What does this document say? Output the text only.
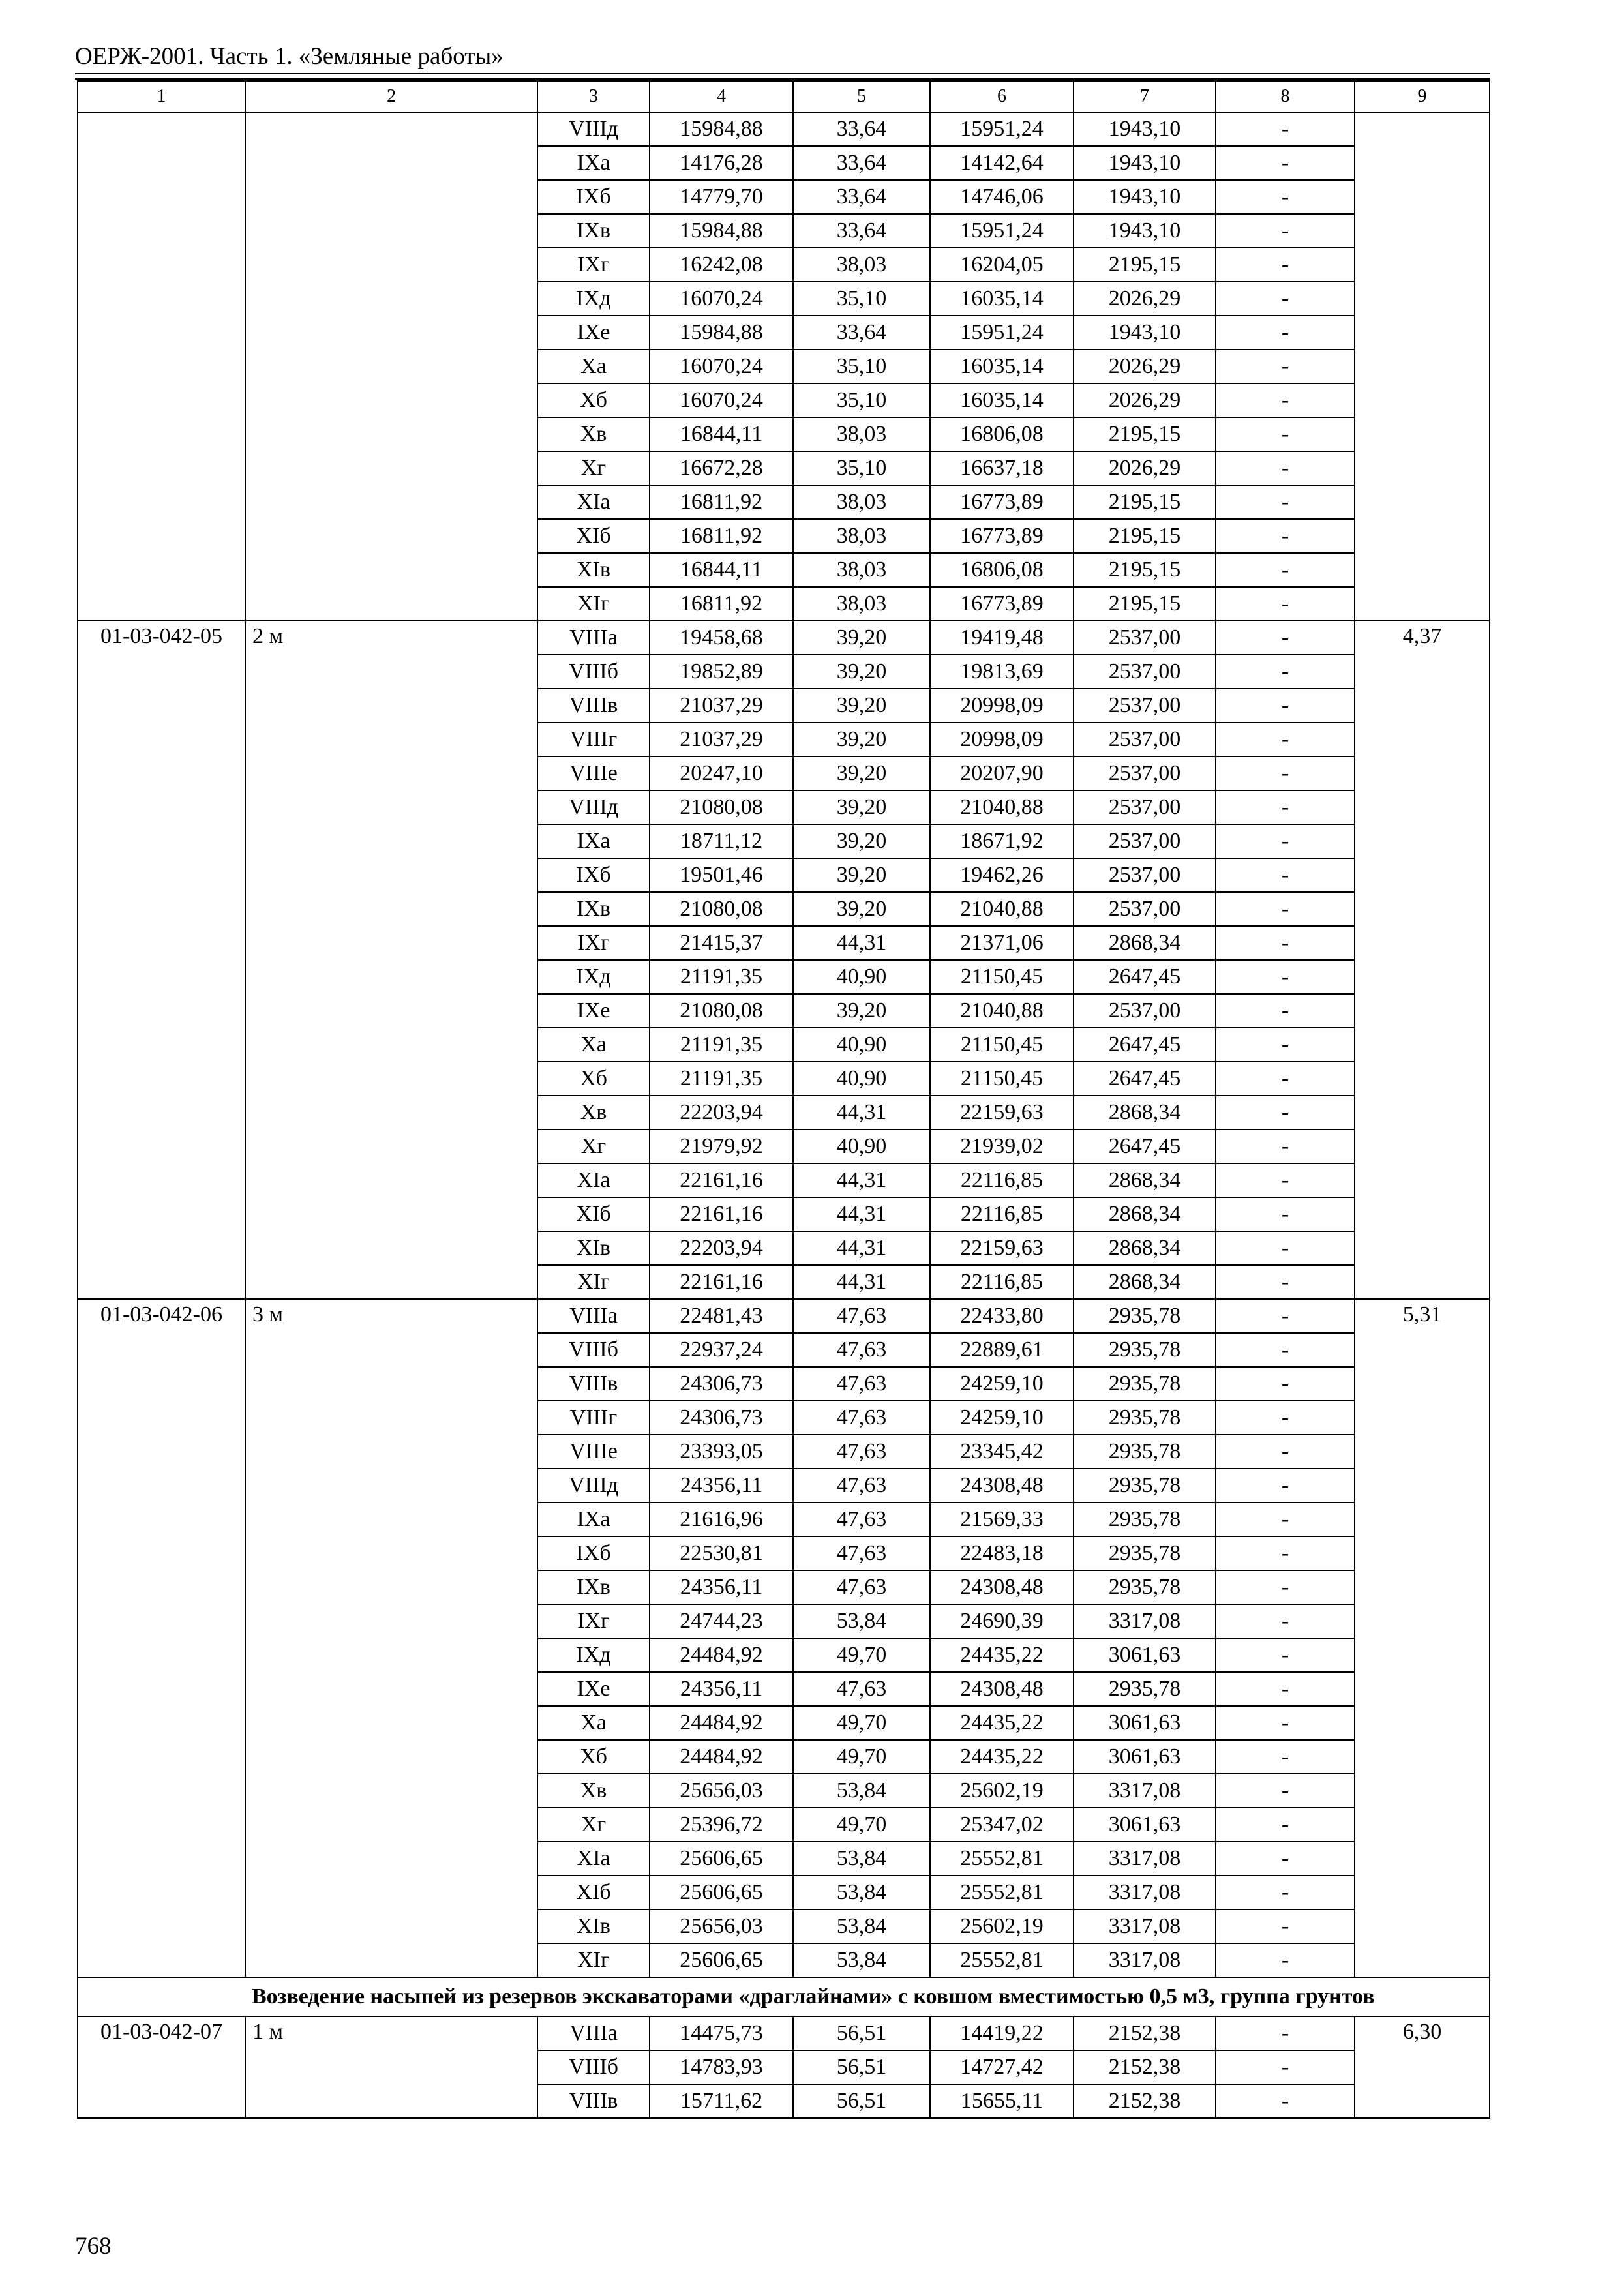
ОЕРЖ-2001. Часть 1. «Земляные работы»
1	2	3	4	5	6	7	8	9
		VIIIд	15984,88	33,64	15951,24	1943,10	-	
		IXа	14176,28	33,64	14142,64	1943,10	-	
		IXб	14779,70	33,64	14746,06	1943,10	-	
		IXв	15984,88	33,64	15951,24	1943,10	-	
		IXг	16242,08	38,03	16204,05	2195,15	-	
		IXд	16070,24	35,10	16035,14	2026,29	-	
		IXе	15984,88	33,64	15951,24	1943,10	-	
		Xа	16070,24	35,10	16035,14	2026,29	-	
		Xб	16070,24	35,10	16035,14	2026,29	-	
		Xв	16844,11	38,03	16806,08	2195,15	-	
		Xг	16672,28	35,10	16637,18	2026,29	-	
		XIа	16811,92	38,03	16773,89	2195,15	-	
		XIб	16811,92	38,03	16773,89	2195,15	-	
		XIв	16844,11	38,03	16806,08	2195,15	-	
		XIг	16811,92	38,03	16773,89	2195,15	-	
01-03-042-05	2 м	VIIIа	19458,68	39,20	19419,48	2537,00	-	4,37
		VIIIб	19852,89	39,20	19813,69	2537,00	-	
		VIIIв	21037,29	39,20	20998,09	2537,00	-	
		VIIIг	21037,29	39,20	20998,09	2537,00	-	
		VIIIе	20247,10	39,20	20207,90	2537,00	-	
		VIIIд	21080,08	39,20	21040,88	2537,00	-	
		IXа	18711,12	39,20	18671,92	2537,00	-	
		IXб	19501,46	39,20	19462,26	2537,00	-	
		IXв	21080,08	39,20	21040,88	2537,00	-	
		IXг	21415,37	44,31	21371,06	2868,34	-	
		IXд	21191,35	40,90	21150,45	2647,45	-	
		IXе	21080,08	39,20	21040,88	2537,00	-	
		Xа	21191,35	40,90	21150,45	2647,45	-	
		Xб	21191,35	40,90	21150,45	2647,45	-	
		Xв	22203,94	44,31	22159,63	2868,34	-	
		Xг	21979,92	40,90	21939,02	2647,45	-	
		XIа	22161,16	44,31	22116,85	2868,34	-	
		XIб	22161,16	44,31	22116,85	2868,34	-	
		XIв	22203,94	44,31	22159,63	2868,34	-	
		XIг	22161,16	44,31	22116,85	2868,34	-	
01-03-042-06	3 м	VIIIа	22481,43	47,63	22433,80	2935,78	-	5,31
		VIIIб	22937,24	47,63	22889,61	2935,78	-	
		VIIIв	24306,73	47,63	24259,10	2935,78	-	
		VIIIг	24306,73	47,63	24259,10	2935,78	-	
		VIIIе	23393,05	47,63	23345,42	2935,78	-	
		VIIIд	24356,11	47,63	24308,48	2935,78	-	
		IXа	21616,96	47,63	21569,33	2935,78	-	
		IXб	22530,81	47,63	22483,18	2935,78	-	
		IXв	24356,11	47,63	24308,48	2935,78	-	
		IXг	24744,23	53,84	24690,39	3317,08	-	
		IXд	24484,92	49,70	24435,22	3061,63	-	
		IXе	24356,11	47,63	24308,48	2935,78	-	
		Xа	24484,92	49,70	24435,22	3061,63	-	
		Xб	24484,92	49,70	24435,22	3061,63	-	
		Xв	25656,03	53,84	25602,19	3317,08	-	
		Xг	25396,72	49,70	25347,02	3061,63	-	
		XIа	25606,65	53,84	25552,81	3317,08	-	
		XIб	25606,65	53,84	25552,81	3317,08	-	
		XIв	25656,03	53,84	25602,19	3317,08	-	
		XIг	25606,65	53,84	25552,81	3317,08	-	
	Возведение насыпей из резервов экскаваторами «драглайнами» с ковшом вместимостью 0,5 м3, группа грунтов							
01-03-042-07	1 м	VIIIа	14475,73	56,51	14419,22	2152,38	-	6,30
		VIIIб	14783,93	56,51	14727,42	2152,38	-	
		VIIIв	15711,62	56,51	15655,11	2152,38	-	
768
